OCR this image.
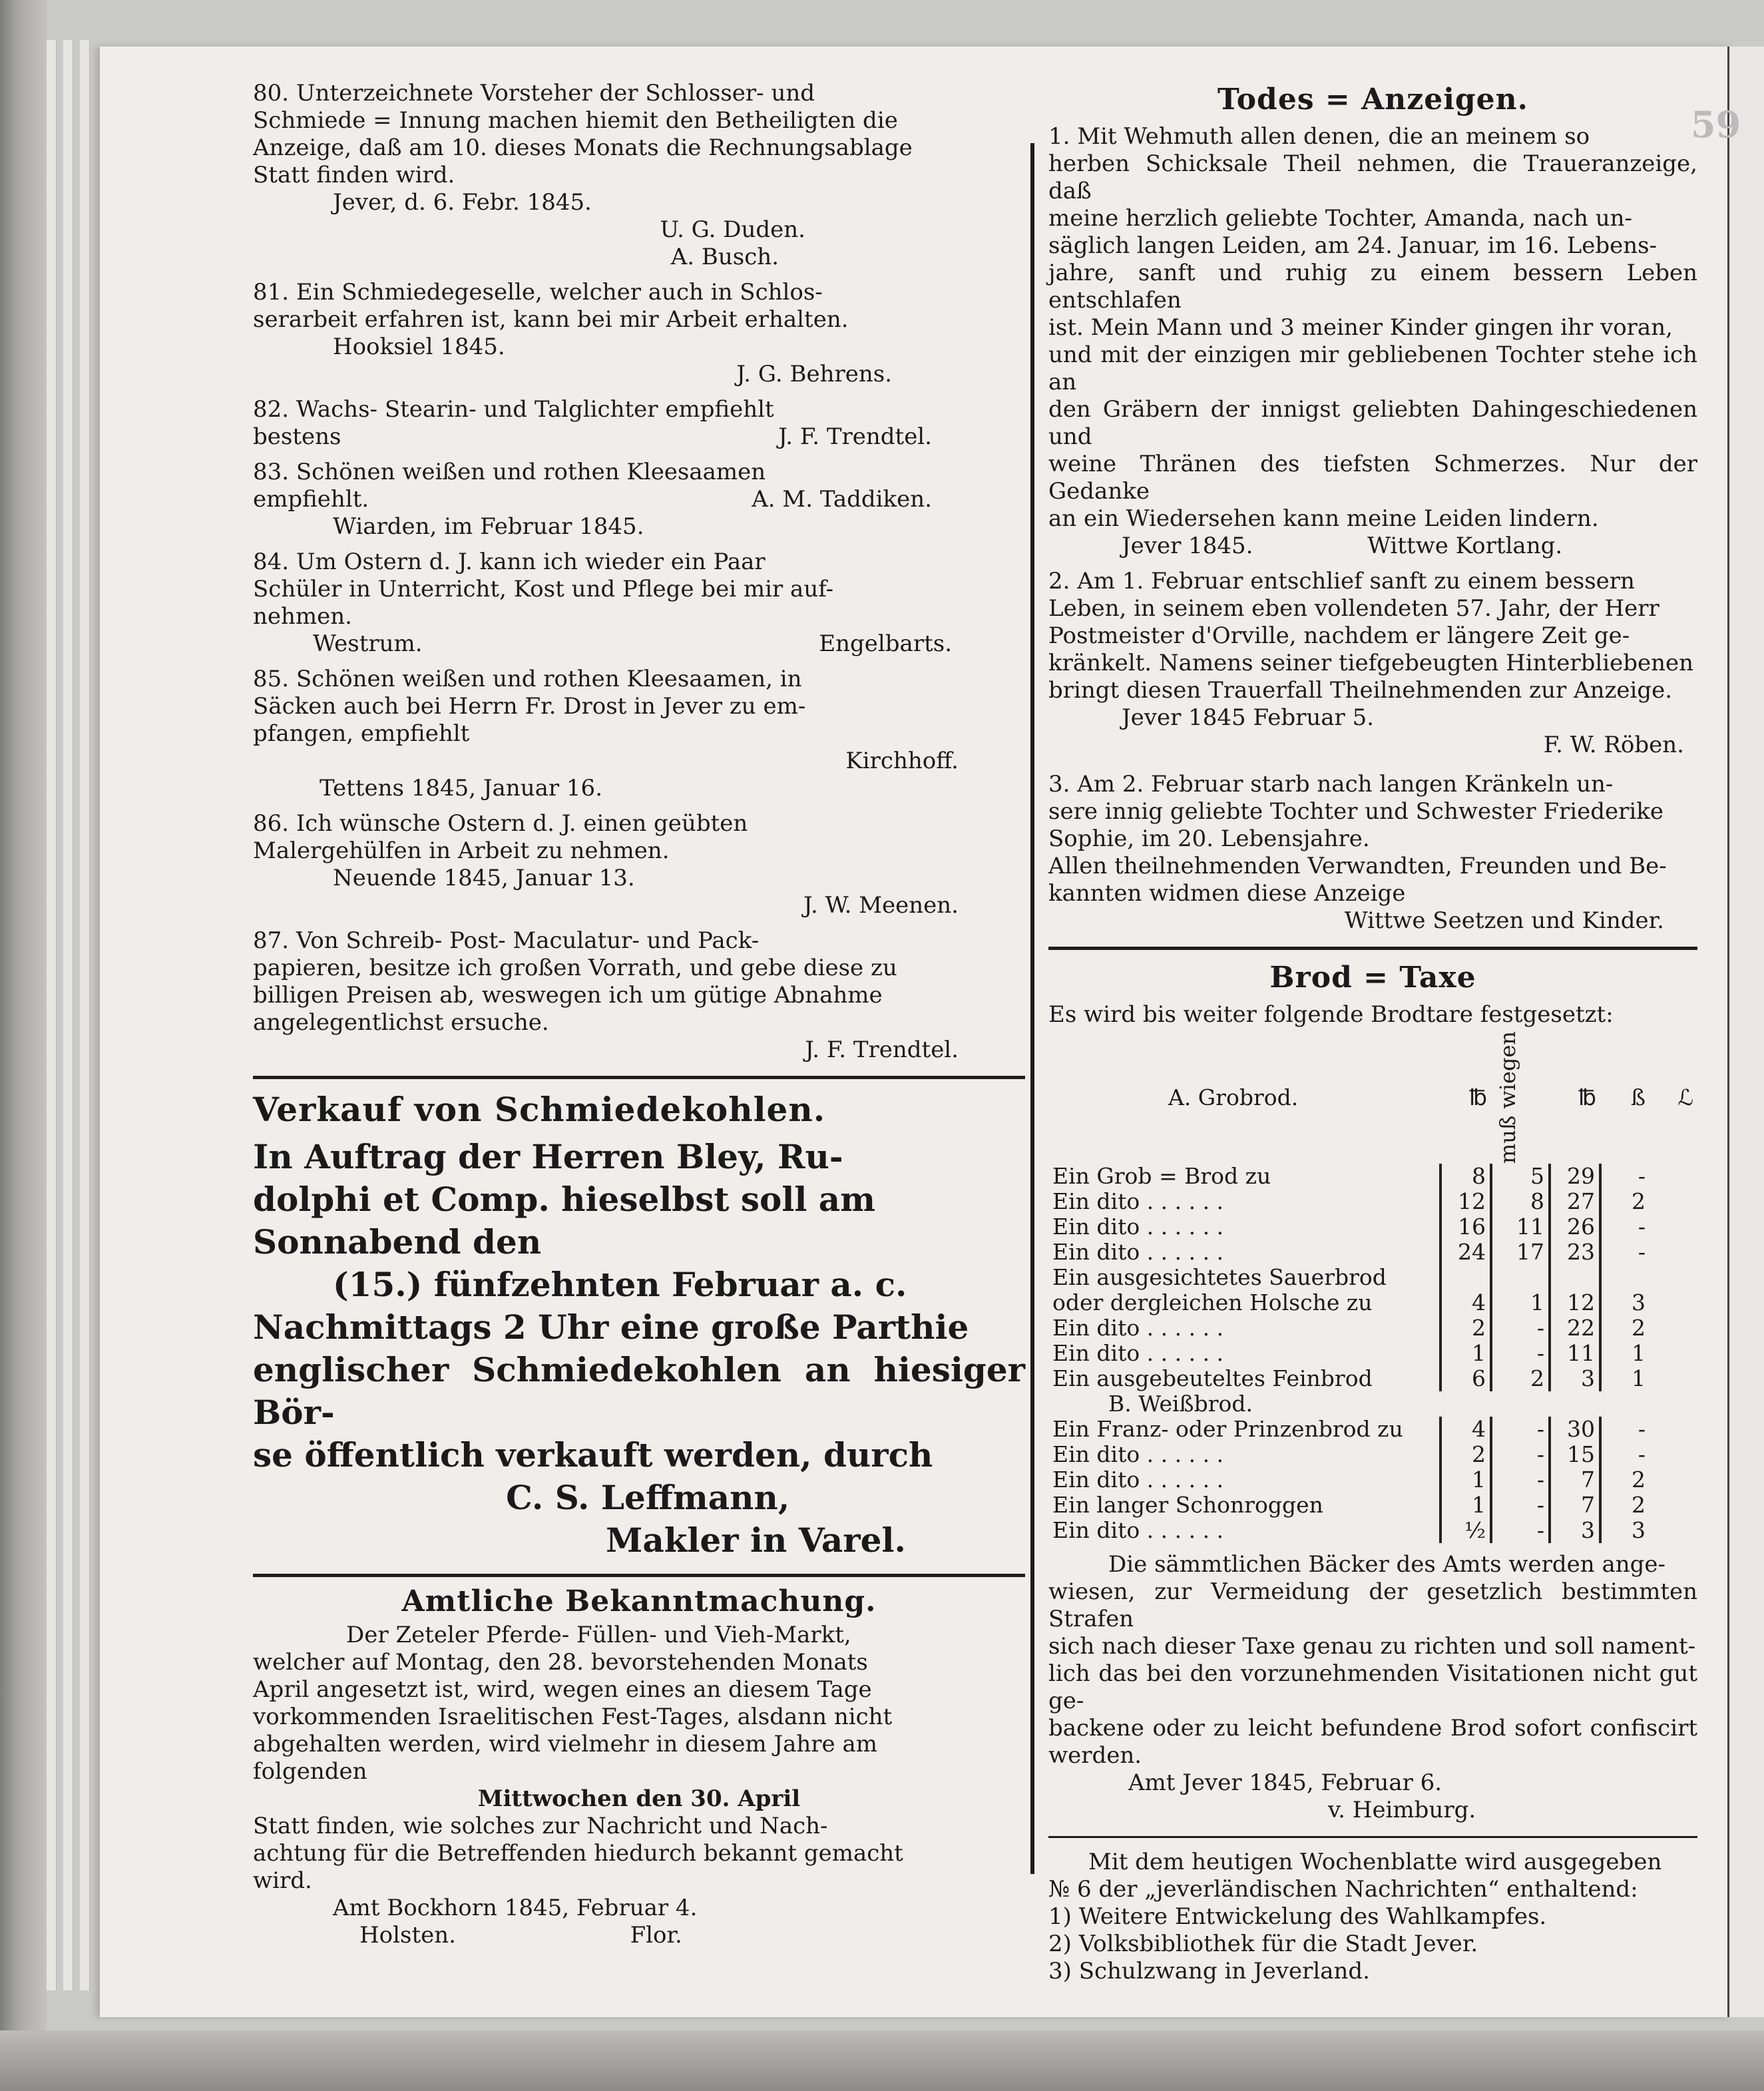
80. Unterzeichnete Vorsteher der Schlosser- und
Schmiede = Innung machen hiemit den Betheiligten die
Anzeige, daß am 10. dieses Monats die Rechnungsablage
Statt finden wird.
Jever, d. 6. Febr. 1845.
U. G. Duden.
A. Busch.
81. Ein Schmiedegeselle, welcher auch in Schlos-
serarbeit erfahren ist, kann bei mir Arbeit erhalten.
Hooksiel 1845.
J. G. Behrens.
82. Wachs- Stearin- und Talglichter empfiehlt
bestens	J. F. Trendtel.
83. Schönen weißen und rothen Kleesaamen
empfiehlt.	A. M. Taddiken.
Wiarden, im Februar 1845.
84. Um Ostern d. J. kann ich wieder ein Paar
Schüler in Unterricht, Kost und Pflege bei mir auf-
nehmen.
Westrum.	Engelbarts.
85. Schönen weißen und rothen Kleesaamen, in
Säcken auch bei Herrn Fr. Drost in Jever zu em-
pfangen, empfiehlt
Kirchhoff.
Tettens 1845, Januar 16.
86. Ich wünsche Ostern d. J. einen geübten
Malergehülfen in Arbeit zu nehmen.
Neuende 1845, Januar 13.
J. W. Meenen.
87. Von Schreib- Post- Maculatur- und Pack-
papieren, besitze ich großen Vorrath, und gebe diese zu
billigen Preisen ab, weswegen ich um gütige Abnahme
angelegentlichst ersuche.
J. F. Trendtel.
Verkauf von Schmiedekohlen.
In Auftrag der Herren Bley, Ru-
dolphi et Comp. hieselbst soll am
Sonnabend den
(15.) fünfzehnten Februar a. c.
Nachmittags 2 Uhr eine große Parthie
englischer Schmiedekohlen an hiesiger Bör-
se öffentlich verkauft werden, durch
C. S. Leffmann,
Makler in Varel.
Amtliche Bekanntmachung.
Der Zeteler Pferde- Füllen- und Vieh-Markt,
welcher auf Montag, den 28. bevorstehenden Monats
April angesetzt ist, wird, wegen eines an diesem Tage
vorkommenden Israelitischen Fest-Tages, alsdann nicht
abgehalten werden, wird vielmehr in diesem Jahre am
folgenden
Mittwochen den 30. April
Statt finden, wie solches zur Nachricht und Nach-
achtung für die Betreffenden hiedurch bekannt gemacht
wird.
Amt Bockhorn 1845, Februar 4.
Holsten.	Flor.
Todes = Anzeigen.
1. Mit Wehmuth allen denen, die an meinem so
herben Schicksale Theil nehmen, die Traueranzeige, daß
meine herzlich geliebte Tochter, Amanda, nach un-
säglich langen Leiden, am 24. Januar, im 16. Lebens-
jahre, sanft und ruhig zu einem bessern Leben entschlafen
ist. Mein Mann und 3 meiner Kinder gingen ihr voran,
und mit der einzigen mir gebliebenen Tochter stehe ich an
den Gräbern der innigst geliebten Dahingeschiedenen und
weine Thränen des tiefsten Schmerzes. Nur der Gedanke
an ein Wiedersehen kann meine Leiden lindern.
Jever 1845.	Wittwe Kortlang.
2. Am 1. Februar entschlief sanft zu einem bessern
Leben, in seinem eben vollendeten 57. Jahr, der Herr
Postmeister d'Orville, nachdem er längere Zeit ge-
kränkelt. Namens seiner tiefgebeugten Hinterbliebenen
bringt diesen Trauerfall Theilnehmenden zur Anzeige.
Jever 1845 Februar 5.
F. W. Röben.
3. Am 2. Februar starb nach langen Kränkeln un-
sere innig geliebte Tochter und Schwester Friederike
Sophie, im 20. Lebensjahre.
Allen theilnehmenden Verwandten, Freunden und Be-
kannten widmen diese Anzeige
Wittwe Seetzen und Kinder.
Brod = Taxe
Es wird bis weiter folgende Brodtare festgesetzt:
A. Grobrod.	℔	muß wiegen	℔	ß	ℒ
Ein Grob = Brod zu	8	5	29	-	
Ein dito . . . . . .	12	8	27	2	
Ein dito . . . . . .	16	11	26	-	
Ein dito . . . . . .	24	17	23	-	
Ein ausgesichtetes Sauerbrod					
oder dergleichen Holsche zu	4	1	12	3	
Ein dito . . . . . .	2	-	22	2	
Ein dito . . . . . .	1	-	11	1	
Ein ausgebeuteltes Feinbrod	6	2	3	1	
B. Weißbrod.					
Ein Franz- oder Prinzenbrod zu	4	-	30	-	
Ein dito . . . . . .	2	-	15	-	
Ein dito . . . . . .	1	-	7	2	
Ein langer Schonroggen	1	-	7	2	
Ein dito . . . . . .	½	-	3	3	
Die sämmtlichen Bäcker des Amts werden ange-
wiesen, zur Vermeidung der gesetzlich bestimmten Strafen
sich nach dieser Taxe genau zu richten und soll nament-
lich das bei den vorzunehmenden Visitationen nicht gut ge-
backene oder zu leicht befundene Brod sofort confiscirt werden.
Amt Jever 1845, Februar 6.
v. Heimburg.
Mit dem heutigen Wochenblatte wird ausgegeben
№ 6 der „jeverländischen Nachrichten“ enthaltend:
1) Weitere Entwickelung des Wahlkampfes.
2) Volksbibliothek für die Stadt Jever.
3) Schulzwang in Jeverland.
59
